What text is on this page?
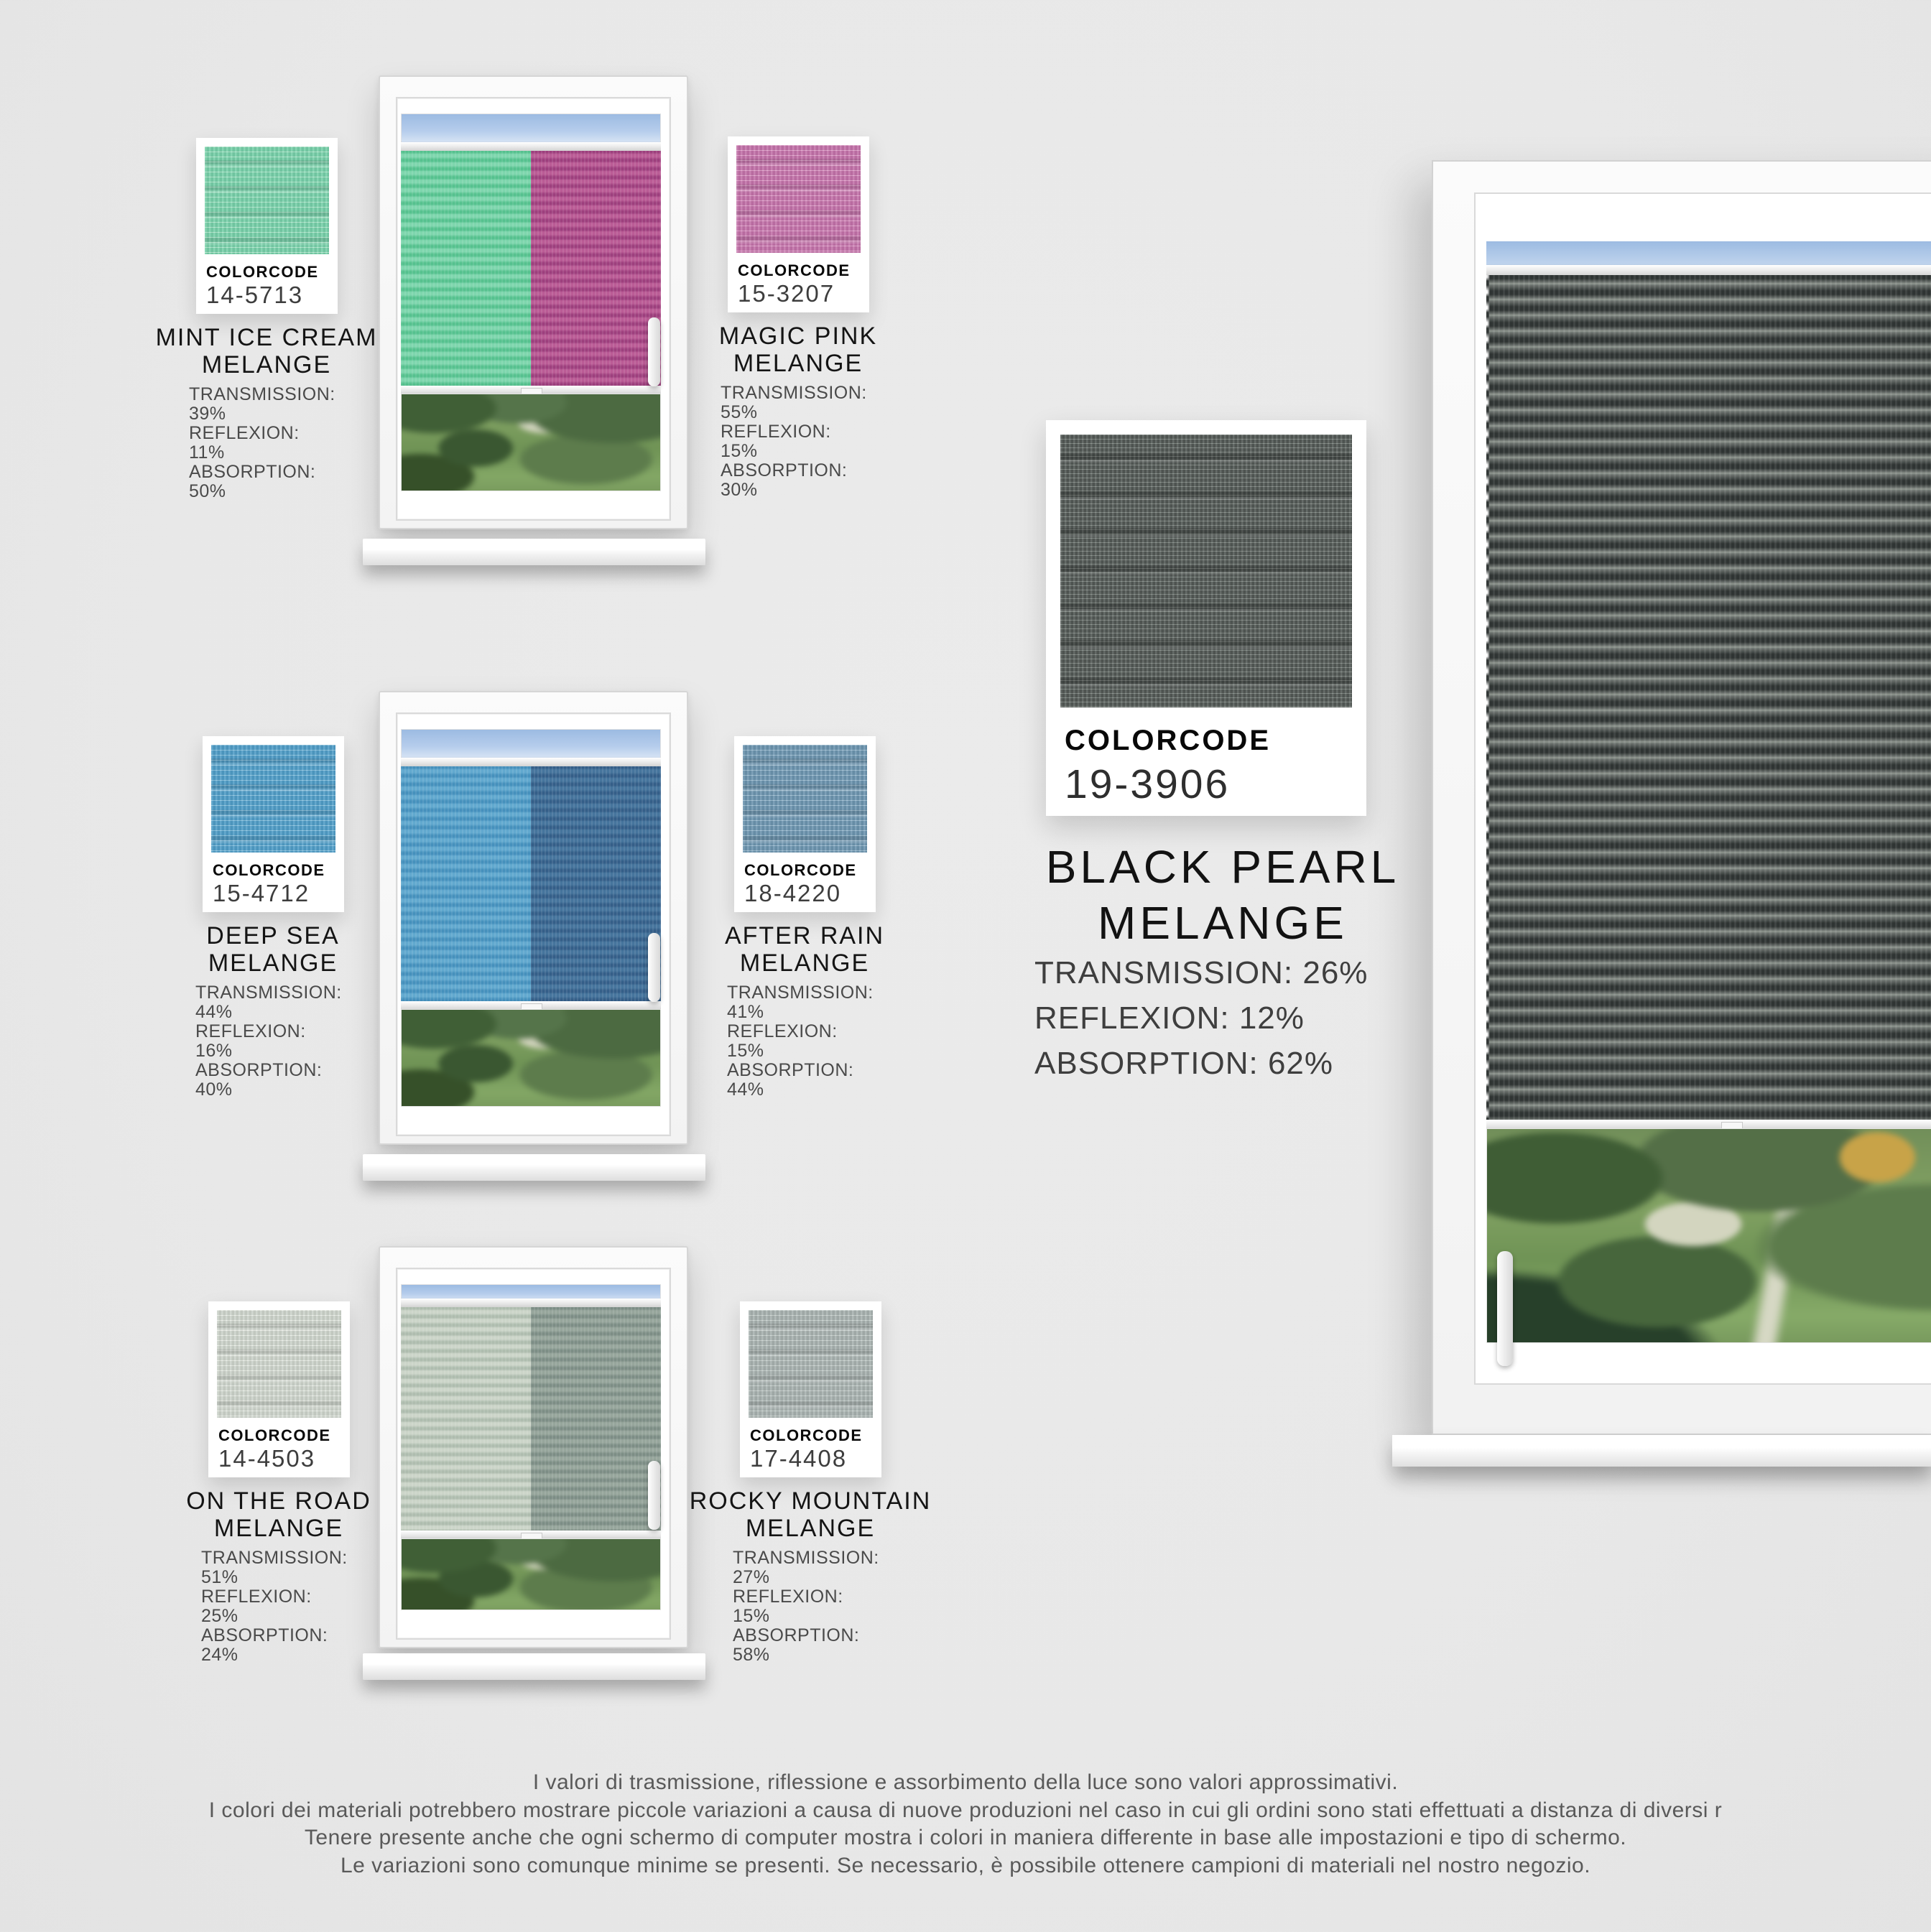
COLORCODE
14-5713
MINT ICE CREAM
MELANGE
TRANSMISSION: 39%
REFLEXION: 11%
ABSORPTION: 50%
COLORCODE
15-3207
MAGIC PINK
MELANGE
TRANSMISSION: 55%
REFLEXION: 15%
ABSORPTION: 30%
COLORCODE
15-4712
DEEP SEA
MELANGE
TRANSMISSION: 44%
REFLEXION: 16%
ABSORPTION: 40%
COLORCODE
18-4220
AFTER RAIN
MELANGE
TRANSMISSION: 41%
REFLEXION: 15%
ABSORPTION: 44%
COLORCODE
14-4503
ON THE ROAD
MELANGE
TRANSMISSION: 51%
REFLEXION: 25%
ABSORPTION: 24%
COLORCODE
17-4408
ROCKY MOUNTAIN
MELANGE
TRANSMISSION: 27%
REFLEXION: 15%
ABSORPTION: 58%
COLORCODE
19-3906
BLACK PEARL
MELANGE
TRANSMISSION: 26%
REFLEXION: 12%
ABSORPTION: 62%
I valori di trasmissione, riflessione e assorbimento della luce sono valori approssimativi.
I colori dei materiali potrebbero mostrare piccole variazioni a causa di nuove produzioni nel caso in cui gli ordini sono stati effettuati a distanza di diversi r
Tenere presente anche che ogni schermo di computer mostra i colori in maniera differente in base alle impostazioni e tipo di schermo.
Le variazioni sono comunque minime se presenti. Se necessario, è possibile ottenere campioni di materiali nel nostro negozio.
